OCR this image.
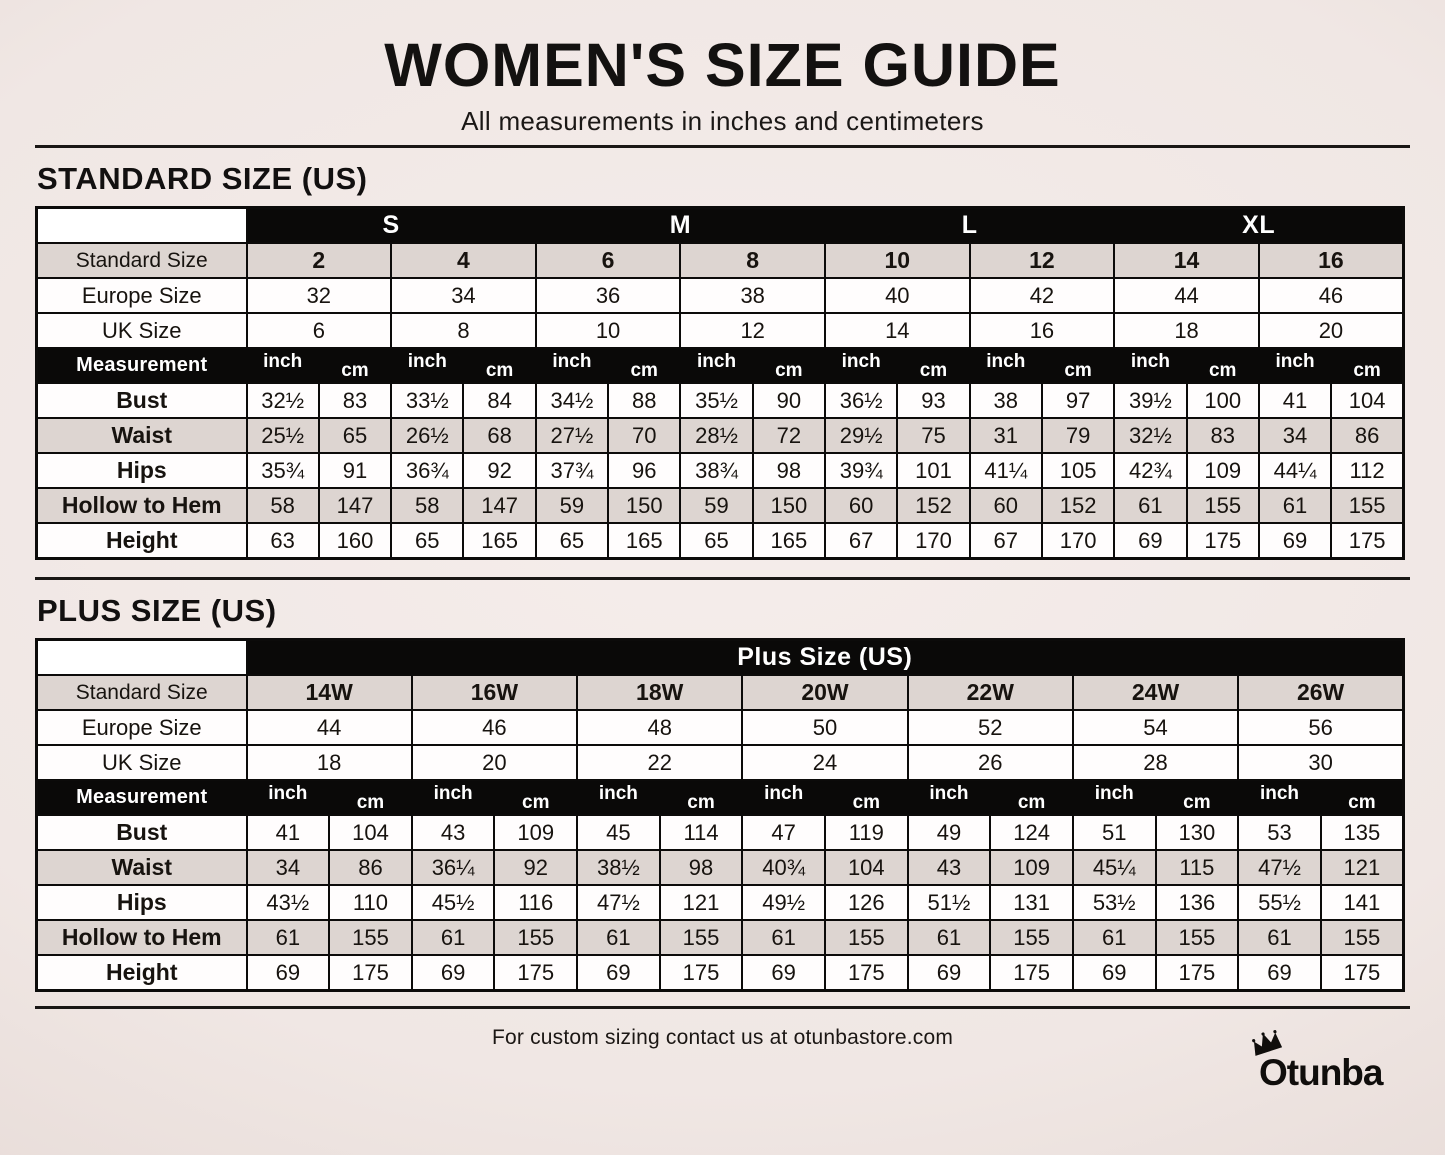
WOMEN'S SIZE GUIDE
All measurements in inches and centimeters
STANDARD SIZE (US)
	S				M				L				XL			
Standard Size	2		4		6		8		10		12		14		16	
Europe Size	32		34		36		38		40		42		44		46	
UK Size	6		8		10		12		14		16		18		20	
Measurement	inch	cm	inch	cm	inch	cm	inch	cm	inch	cm	inch	cm	inch	cm	inch	cm
Bust	32½	83	33½	84	34½	88	35½	90	36½	93	38	97	39½	100	41	104
Waist	25½	65	26½	68	27½	70	28½	72	29½	75	31	79	32½	83	34	86
Hips	35¾	91	36¾	92	37¾	96	38¾	98	39¾	101	41¼	105	42¾	109	44¼	112
Hollow to Hem	58	147	58	147	59	150	59	150	60	152	60	152	61	155	61	155
Height	63	160	65	165	65	165	65	165	67	170	67	170	69	175	69	175
PLUS SIZE (US)
	Plus Size (US)													
Standard Size	14W		16W		18W		20W		22W		24W		26W	
Europe Size	44		46		48		50		52		54		56	
UK Size	18		20		22		24		26		28		30	
Measurement	inch	cm	inch	cm	inch	cm	inch	cm	inch	cm	inch	cm	inch	cm
Bust	41	104	43	109	45	114	47	119	49	124	51	130	53	135
Waist	34	86	36¼	92	38½	98	40¾	104	43	109	45¼	115	47½	121
Hips	43½	110	45½	116	47½	121	49½	126	51½	131	53½	136	55½	141
Hollow to Hem	61	155	61	155	61	155	61	155	61	155	61	155	61	155
Height	69	175	69	175	69	175	69	175	69	175	69	175	69	175
For custom sizing contact us at otunbastore.com
Otunba
